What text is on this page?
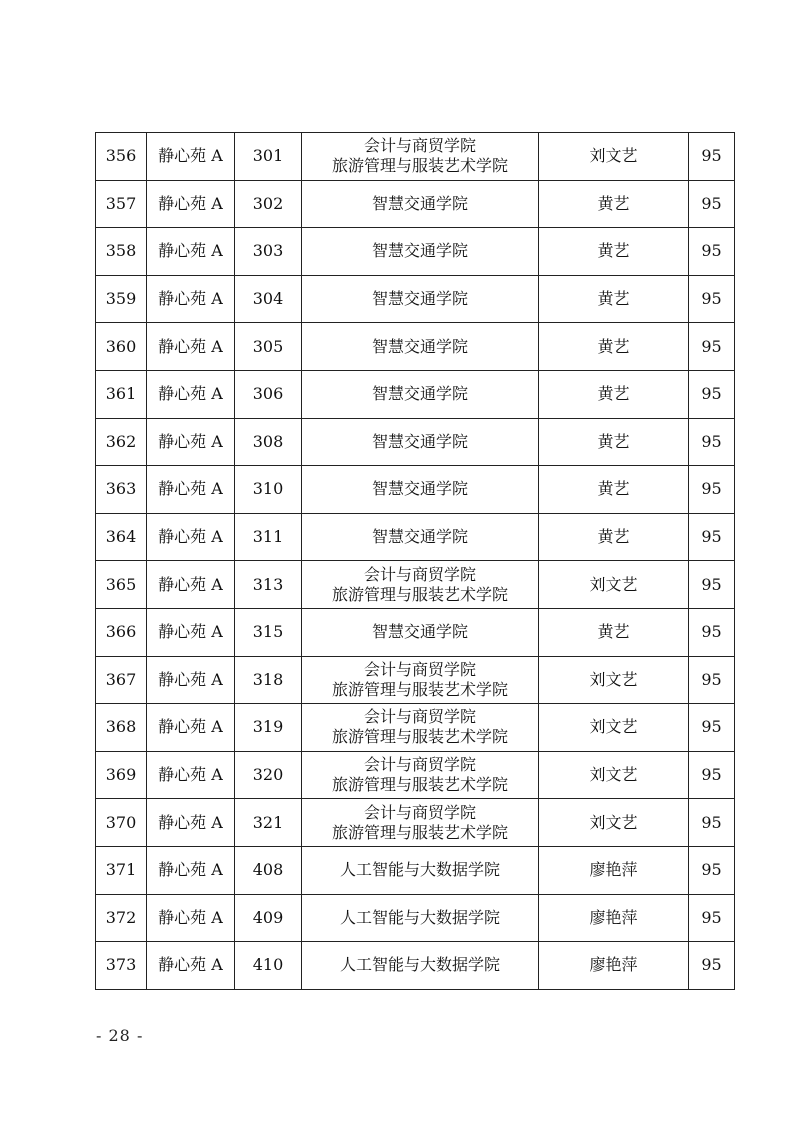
356	静心苑 A	301	会计与商贸学院
旅游管理与服装艺术学院	刘文艺	95
357	静心苑 A	302	智慧交通学院	黄艺	95
358	静心苑 A	303	智慧交通学院	黄艺	95
359	静心苑 A	304	智慧交通学院	黄艺	95
360	静心苑 A	305	智慧交通学院	黄艺	95
361	静心苑 A	306	智慧交通学院	黄艺	95
362	静心苑 A	308	智慧交通学院	黄艺	95
363	静心苑 A	310	智慧交通学院	黄艺	95
364	静心苑 A	311	智慧交通学院	黄艺	95
365	静心苑 A	313	会计与商贸学院
旅游管理与服装艺术学院	刘文艺	95
366	静心苑 A	315	智慧交通学院	黄艺	95
367	静心苑 A	318	会计与商贸学院
旅游管理与服装艺术学院	刘文艺	95
368	静心苑 A	319	会计与商贸学院
旅游管理与服装艺术学院	刘文艺	95
369	静心苑 A	320	会计与商贸学院
旅游管理与服装艺术学院	刘文艺	95
370	静心苑 A	321	会计与商贸学院
旅游管理与服装艺术学院	刘文艺	95
371	静心苑 A	408	人工智能与大数据学院	廖艳萍	95
372	静心苑 A	409	人工智能与大数据学院	廖艳萍	95
373	静心苑 A	410	人工智能与大数据学院	廖艳萍	95
- 28 -
